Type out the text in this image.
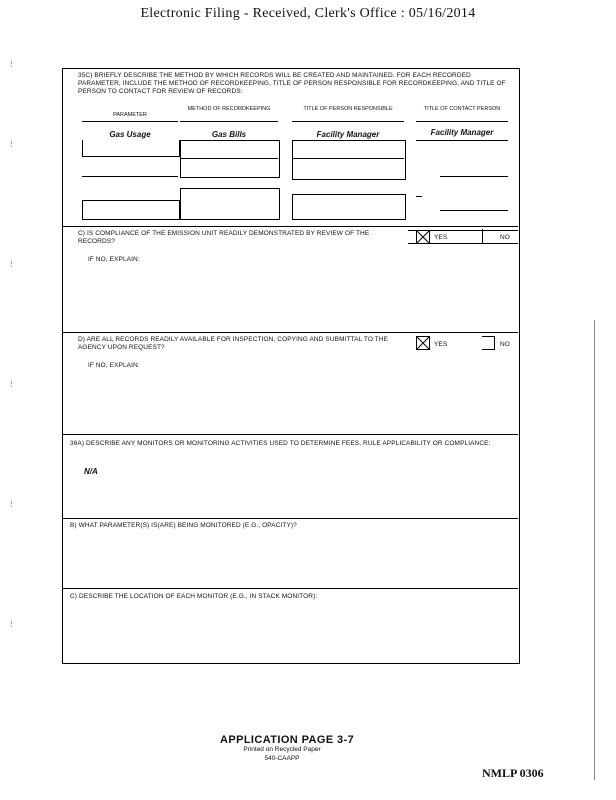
Electronic Filing - Received, Clerk's Office : 05/16/2014
⋮
⋮
⋮
⋮
⋮
⋮
35C) BRIEFLY DESCRIBE THE METHOD BY WHICH RECORDS WILL BE CREATED AND MAINTAINED. FOR EACH RECORDED PARAMETER, INCLUDE THE METHOD OF RECORDKEEPING, TITLE OF PERSON RESPONSIBLE FOR RECORDKEEPING, AND TITLE OF PERSON TO CONTACT FOR REVIEW OF RECORDS:
PARAMETER
METHOD OF RECORDKEEPING	TITLE OF PERSON RESPONSIBLE	TITLE OF CONTACT PERSON
Gas Usage	Gas Bills	Facility Manager	Facility Manager
C) IS COMPLIANCE OF THE EMISSION UNIT READILY DEMONSTRATED BY REVIEW OF THE RECORDS?
YES	NO
IF NO, EXPLAIN:
D) ARE ALL RECORDS READILY AVAILABLE FOR INSPECTION, COPYING AND SUBMITTAL TO THE AGENCY UPON REQUEST?	YES	NO
IF NO, EXPLAIN:
36A) DESCRIBE ANY MONITORS OR MONITORING ACTIVITIES USED TO DETERMINE FEES, RULE APPLICABILITY OR COMPLIANCE:
N/A
B) WHAT PARAMETER(S) IS(ARE) BEING MONITORED (E.G., OPACITY)?
C) DESCRIBE THE LOCATION OF EACH MONITOR (E.G., IN STACK MONITOR):
APPLICATION PAGE 3-7
Printed on Recycled Paper
540-CAAPP
NMLP 0306
